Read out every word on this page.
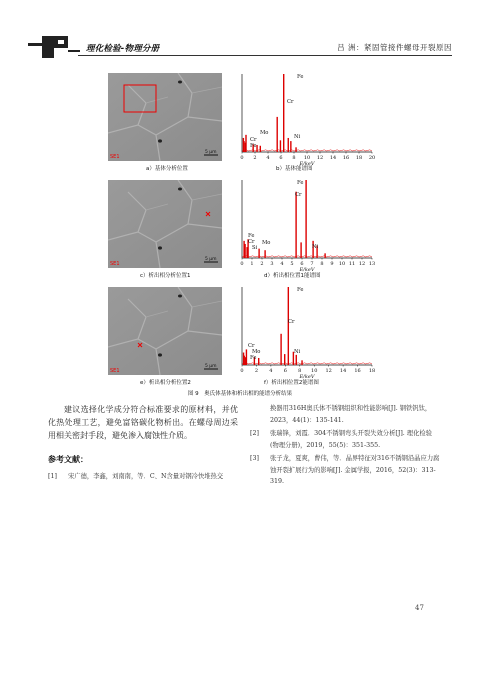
理化检验-物理分册	吕 洲：紧固管接件螺母开裂原因
SE1
5 μm
a）基体分析位置
0 2 4 6 8 10 12 14 16 18 20
E/keV
Fe
Cr
Mo
Cr
Fe
Ni
b）基体能谱图
SE1
5 μm
c）析出相分析位置1
0 1 2 3 4 5 6 7 8 9 10 11 12 13
E/keV
Fe
Cr
Fe
Cr
Si
Mo
Ni
d）析出相位置1能谱图
SE1
5 μm
e）析出相分析位置2
0 2 4 6 8 10 12 14 16 18
E/keV
Fe
Cr
Cr
Mo
Fe
Ni
f）析出相位置2能谱图
图 9　奥氏体基体和析出相的能谱分析结果

建议选择化学成分符合标准要求的原材料，并优化热处理工艺，避免富铬碳化物析出。在螺母周边采用相关密封手段，避免渗入腐蚀性介质。

参考文献：
[1]	宋广德，李鑫，刘南南，等．C、N含量对钢冷快堆热交
换器用316H奥氏体不锈钢组织和性能影响[J]. 钢铁钒钛，2023，44(1)：135-141.
[2]	张瑞锋，刘霞．304不锈钢弯头开裂失效分析[J]. 理化检验(物理分册)，2019，55(5)：351-355.
[3]	张子龙，夏爽，曹伟，等．晶界特征对316不锈钢沿晶应力腐蚀开裂扩展行为的影响[J]. 金属学报，2016，52(3)：313-319.
47
